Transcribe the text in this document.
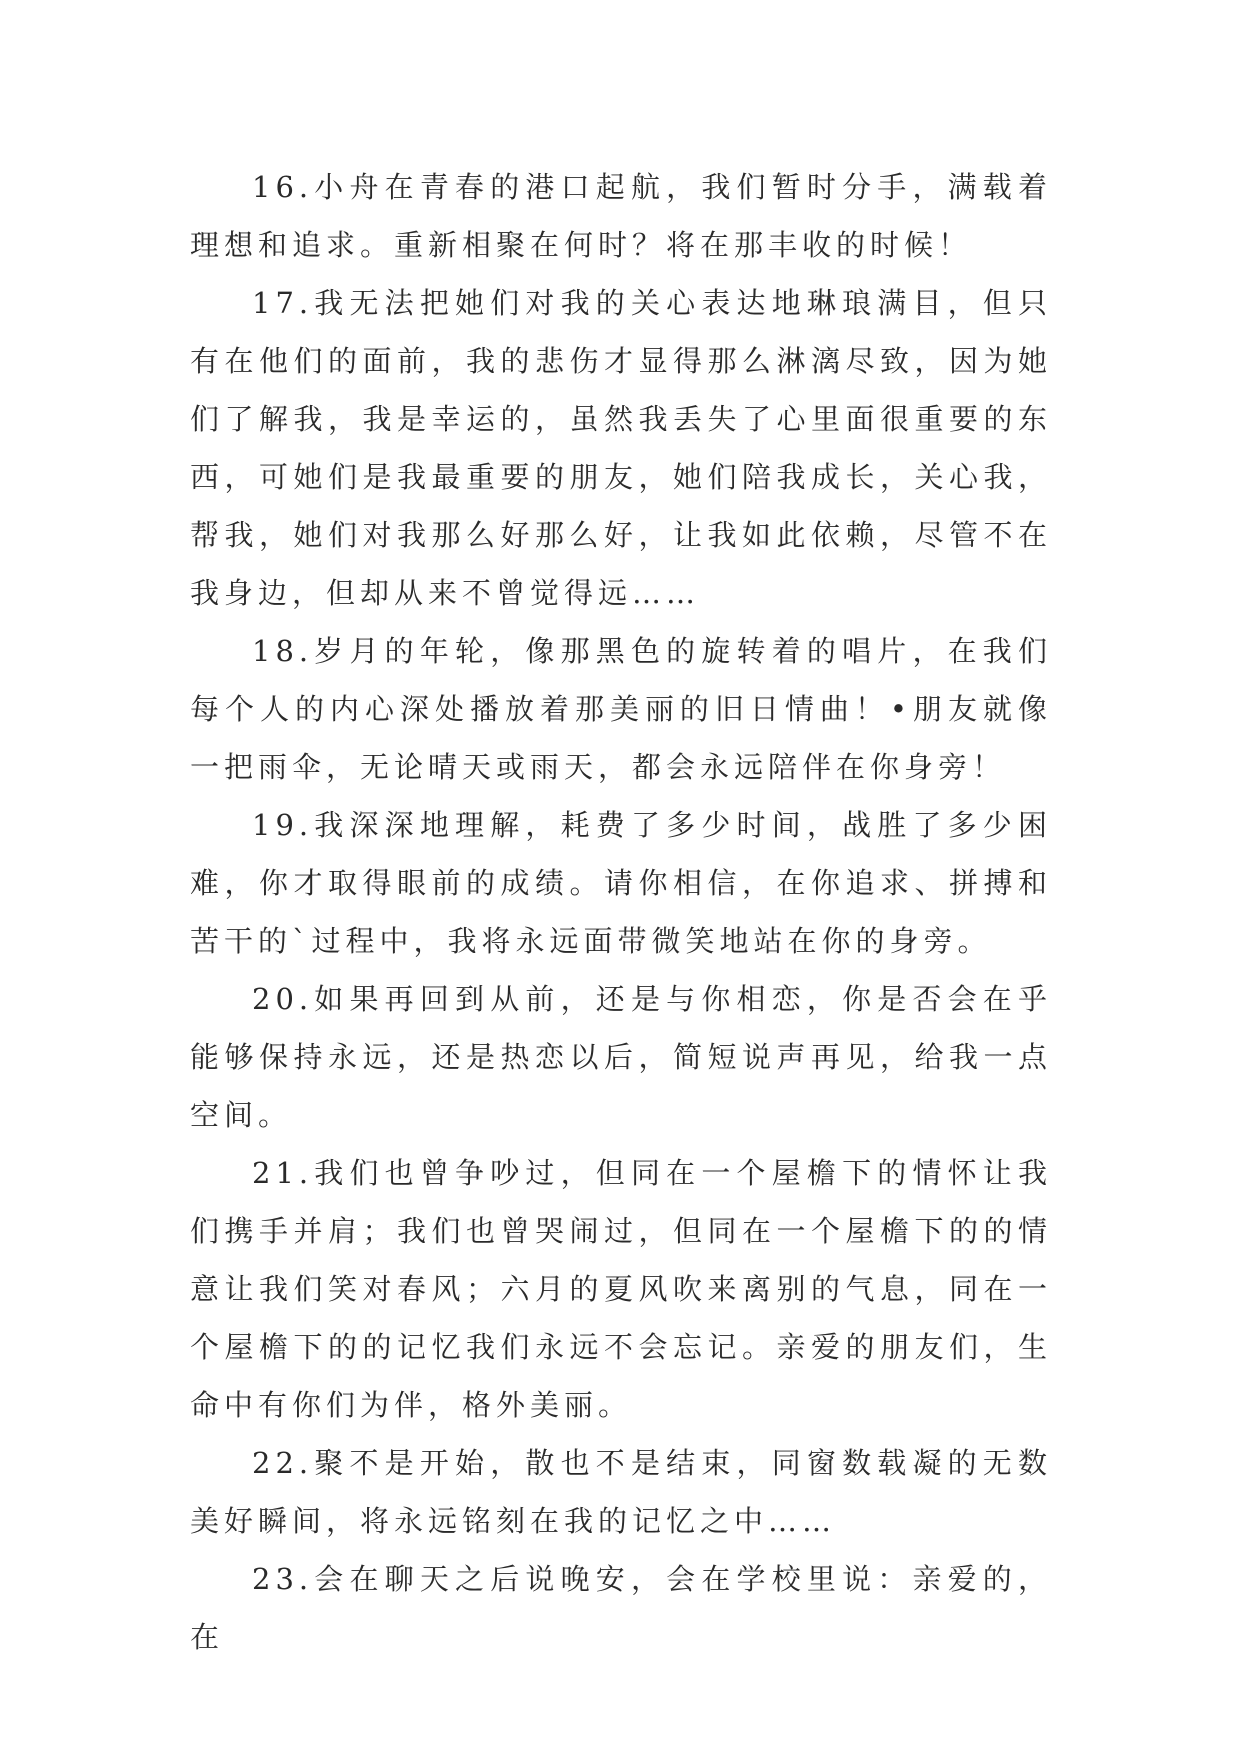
16.小舟在青春的港口起航，我们暂时分手，满载着理想和追求。重新相聚在何时？将在那丰收的时候！

17.我无法把她们对我的关心表达地琳琅满目，但只有在他们的面前，我的悲伤才显得那么淋漓尽致，因为她们了解我，我是幸运的，虽然我丢失了心里面很重要的东西，可她们是我最重要的朋友，她们陪我成长，关心我，帮我，她们对我那么好那么好，让我如此依赖，尽管不在我身边，但却从来不曾觉得远……

18.岁月的年轮，像那黑色的旋转着的唱片，在我们每个人的内心深处播放着那美丽的旧日情曲！•朋友就像一把雨伞，无论晴天或雨天，都会永远陪伴在你身旁！

19.我深深地理解，耗费了多少时间，战胜了多少困难，你才取得眼前的成绩。请你相信，在你追求、拼搏和苦干的`过程中，我将永远面带微笑地站在你的身旁。

20.如果再回到从前，还是与你相恋，你是否会在乎能够保持永远，还是热恋以后，简短说声再见，给我一点空间。

21.我们也曾争吵过，但同在一个屋檐下的情怀让我们携手并肩；我们也曾哭闹过，但同在一个屋檐下的的情意让我们笑对春风；六月的夏风吹来离别的气息，同在一个屋檐下的的记忆我们永远不会忘记。亲爱的朋友们，生命中有你们为伴，格外美丽。

22.聚不是开始，散也不是结束，同窗数载凝的无数美好瞬间，将永远铭刻在我的记忆之中……

23.会在聊天之后说晚安，会在学校里说：亲爱的，在
